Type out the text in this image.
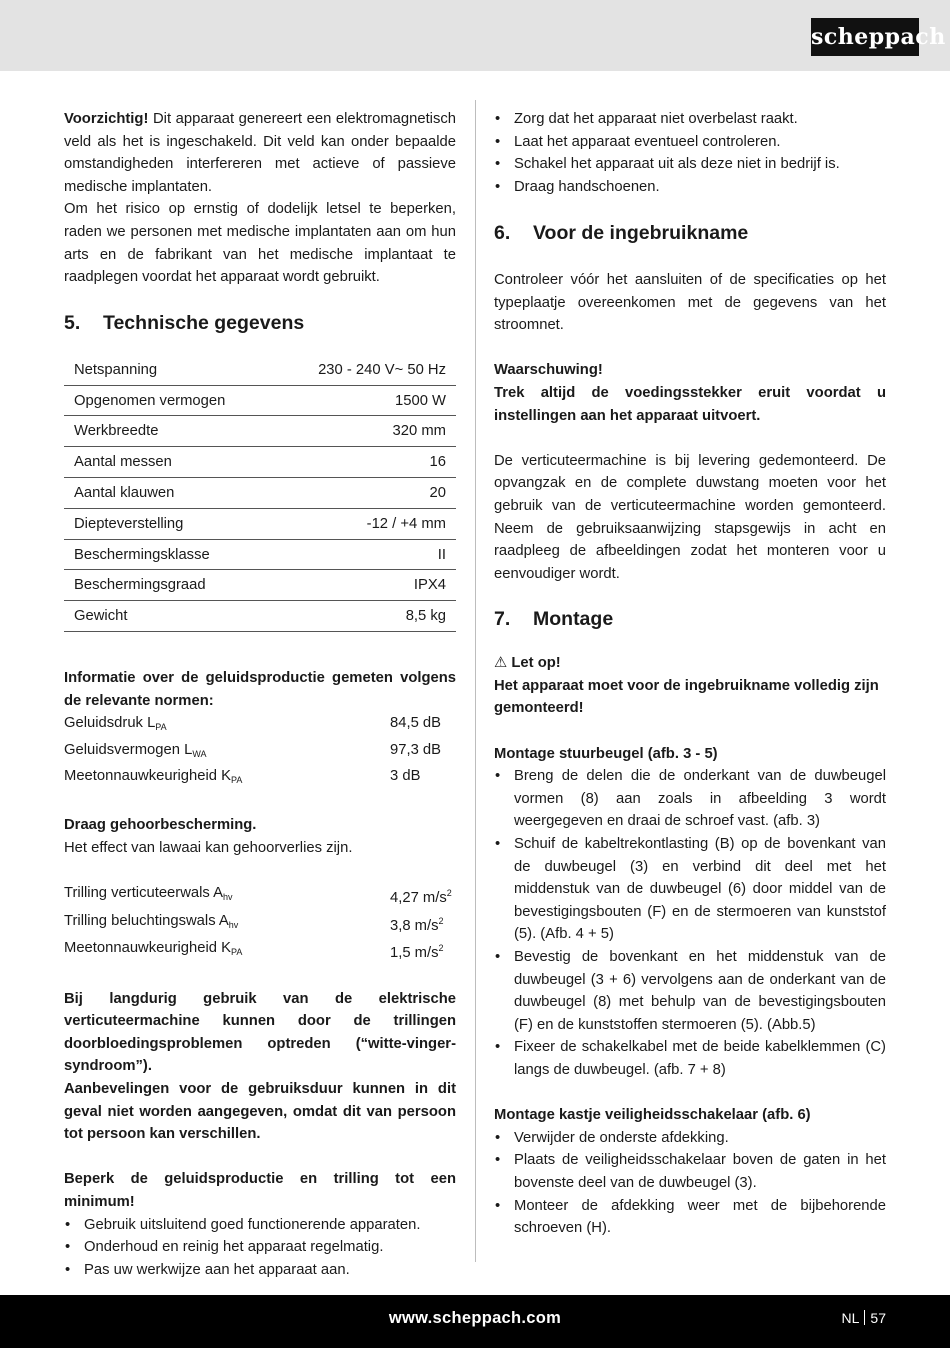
scheppach

Voorzichtig! Dit apparaat genereert een elektromagnetisch veld als het is ingeschakeld. Dit veld kan onder bepaalde omstandigheden interfereren met actieve of passieve medische implantaten.

Om het risico op ernstig of dodelijk letsel te beperken, raden we personen met medische implantaten aan om hun arts en de fabrikant van het medische implantaat te raadplegen voordat het apparaat wordt gebruikt.

5.	Technische gegevens
Netspanning	230 - 240 V~ 50 Hz
Opgenomen vermogen	1500 W
Werkbreedte	320 mm
Aantal messen	16
Aantal klauwen	20
Diepteverstelling	-12 / +4 mm
Beschermingsklasse	II
Beschermingsgraad	IPX4
Gewicht	8,5 kg

Informatie over de geluidsproductie gemeten volgens de relevante normen:

Geluidsdruk $L_{PA}$	84,5 dB
Geluidsvermogen $L_{WA}$	97,3 dB
Meetonnauwkeurigheid $K_{PA}$	3 dB

Draag gehoorbescherming.

Het effect van lawaai kan gehoorverlies zijn.

Trilling verticuteerwals $A_{hv}$	4,27 $m/s^2$
Trilling beluchtingswals $A_{hv}$	3,8 $m/s^2$
Meetonnauwkeurigheid $K_{PA}$	1,5 $m/s^2$

Bij langdurig gebruik van de elektrische verticuteermachine kunnen door de trillingen doorbloedingsproblemen optreden (“witte-vinger-syndroom”).

Aanbevelingen voor de gebruiksduur kunnen in dit geval niet worden aangegeven, omdat dit van persoon tot persoon kan verschillen.

Beperk de geluidsproductie en trilling tot een minimum!

• Gebruik uitsluitend goed functionerende apparaten.
• Onderhoud en reinig het apparaat regelmatig.
• Pas uw werkwijze aan het apparaat aan.
• Zorg dat het apparaat niet overbelast raakt.
• Laat het apparaat eventueel controleren.
• Schakel het apparaat uit als deze niet in bedrijf is.
• Draag handschoenen.
6.	Voor de ingebruikname

Controleer vóór het aansluiten of de specificaties op het typeplaatje overeenkomen met de gegevens van het stroomnet.

Waarschuwing!

Trek altijd de voedingsstekker eruit voordat u instellingen aan het apparaat uitvoert.

De verticuteermachine is bij levering gedemonteerd. De opvangzak en de complete duwstang moeten voor het gebruik van de verticuteermachine worden gemonteerd. Neem de gebruiksaanwijzing stapsgewijs in acht en raadpleeg de afbeeldingen zodat het monteren voor u eenvoudiger wordt.

7.	Montage

⚠ Let op!

Het apparaat moet voor de ingebruikname volledig zijn gemonteerd!

Montage stuurbeugel (afb. 3 - 5)

• Breng de delen die de onderkant van de duwbeugel vormen (8) aan zoals in afbeelding 3 wordt weergegeven en draai de schroef vast. (afb. 3)
• Schuif de kabeltrekontlasting (B) op de bovenkant van de duwbeugel (3) en verbind dit deel met het middenstuk van de duwbeugel (6) door middel van de bevestigingsbouten (F) en de stermoeren van kunststof (5). (Afb. 4 + 5)
• Bevestig de bovenkant en het middenstuk van de duwbeugel (3 + 6) vervolgens aan de onderkant van de duwbeugel (8) met behulp van de bevestigingsbouten (F) en de kunststoffen stermoeren (5). (Abb.5)
• Fixeer de schakelkabel met de beide kabelklemmen (C) langs de duwbeugel. (afb. 7 + 8)

Montage kastje veiligheidsschakelaar (afb. 6)

• Verwijder de onderste afdekking.
• Plaats de veiligheidsschakelaar boven de gaten in het bovenste deel van de duwbeugel (3).
• Monteer de afdekking weer met de bijbehorende schroeven (H).
www.scheppach.com	NL 57
